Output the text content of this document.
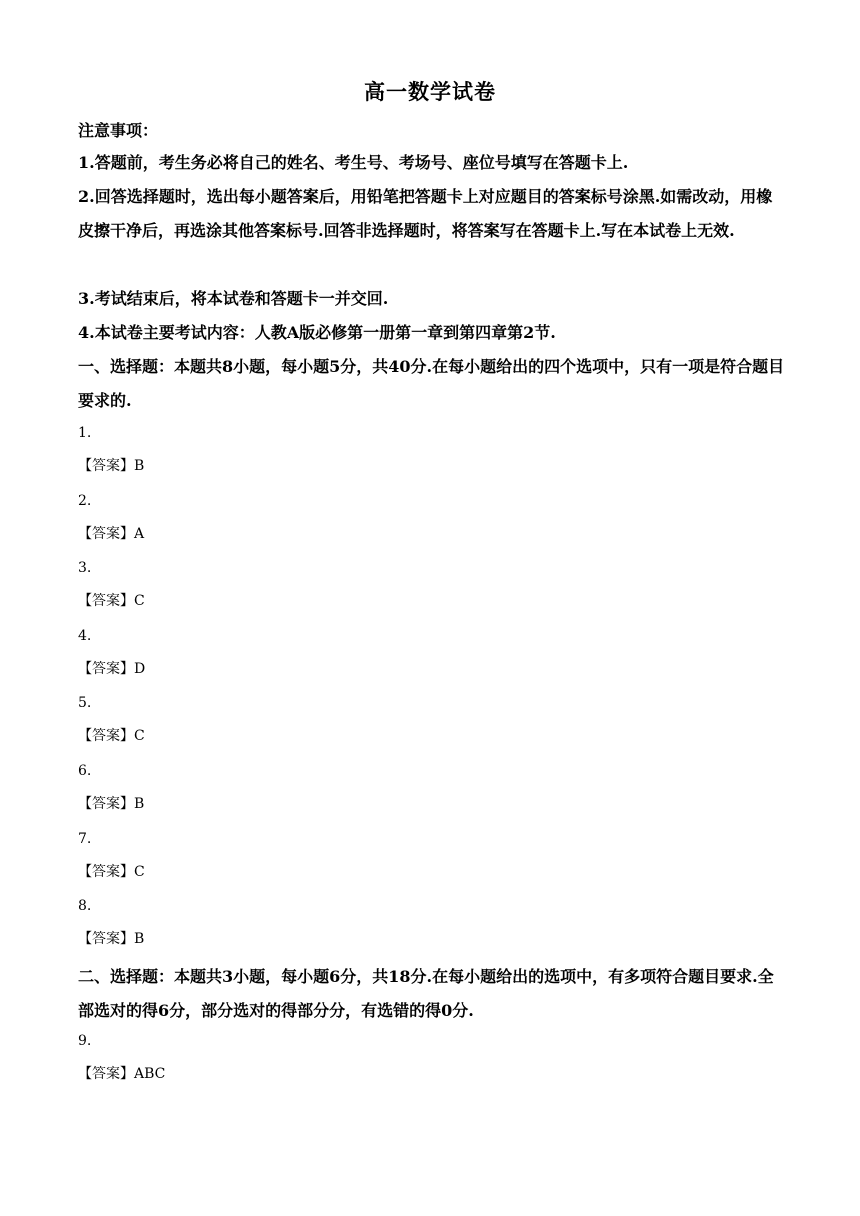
高一数学试卷

注意事项：

1.答题前，考生务必将自己的姓名、考生号、考场号、座位号填写在答题卡上.

2.回答选择题时，选出每小题答案后，用铅笔把答题卡上对应题目的答案标号涂黑.如需改动，用橡皮擦干净后，再选涂其他答案标号.回答非选择题时，将答案写在答题卡上.写在本试卷上无效.

3.考试结束后，将本试卷和答题卡一并交回.

4.本试卷主要考试内容：人教A版必修第一册第一章到第四章第2节.

一、选择题：本题共8小题，每小题5分，共40分.在每小题给出的四个选项中，只有一项是符合题目要求的.

1.
【答案】B
2.
【答案】A
3.
【答案】C
4.
【答案】D
5.
【答案】C
6.
【答案】B
7.
【答案】C
8.
【答案】B

二、选择题：本题共3小题，每小题6分，共18分.在每小题给出的选项中，有多项符合题目要求.全部选对的得6分，部分选对的得部分分，有选错的得0分.

9.
【答案】ABC
